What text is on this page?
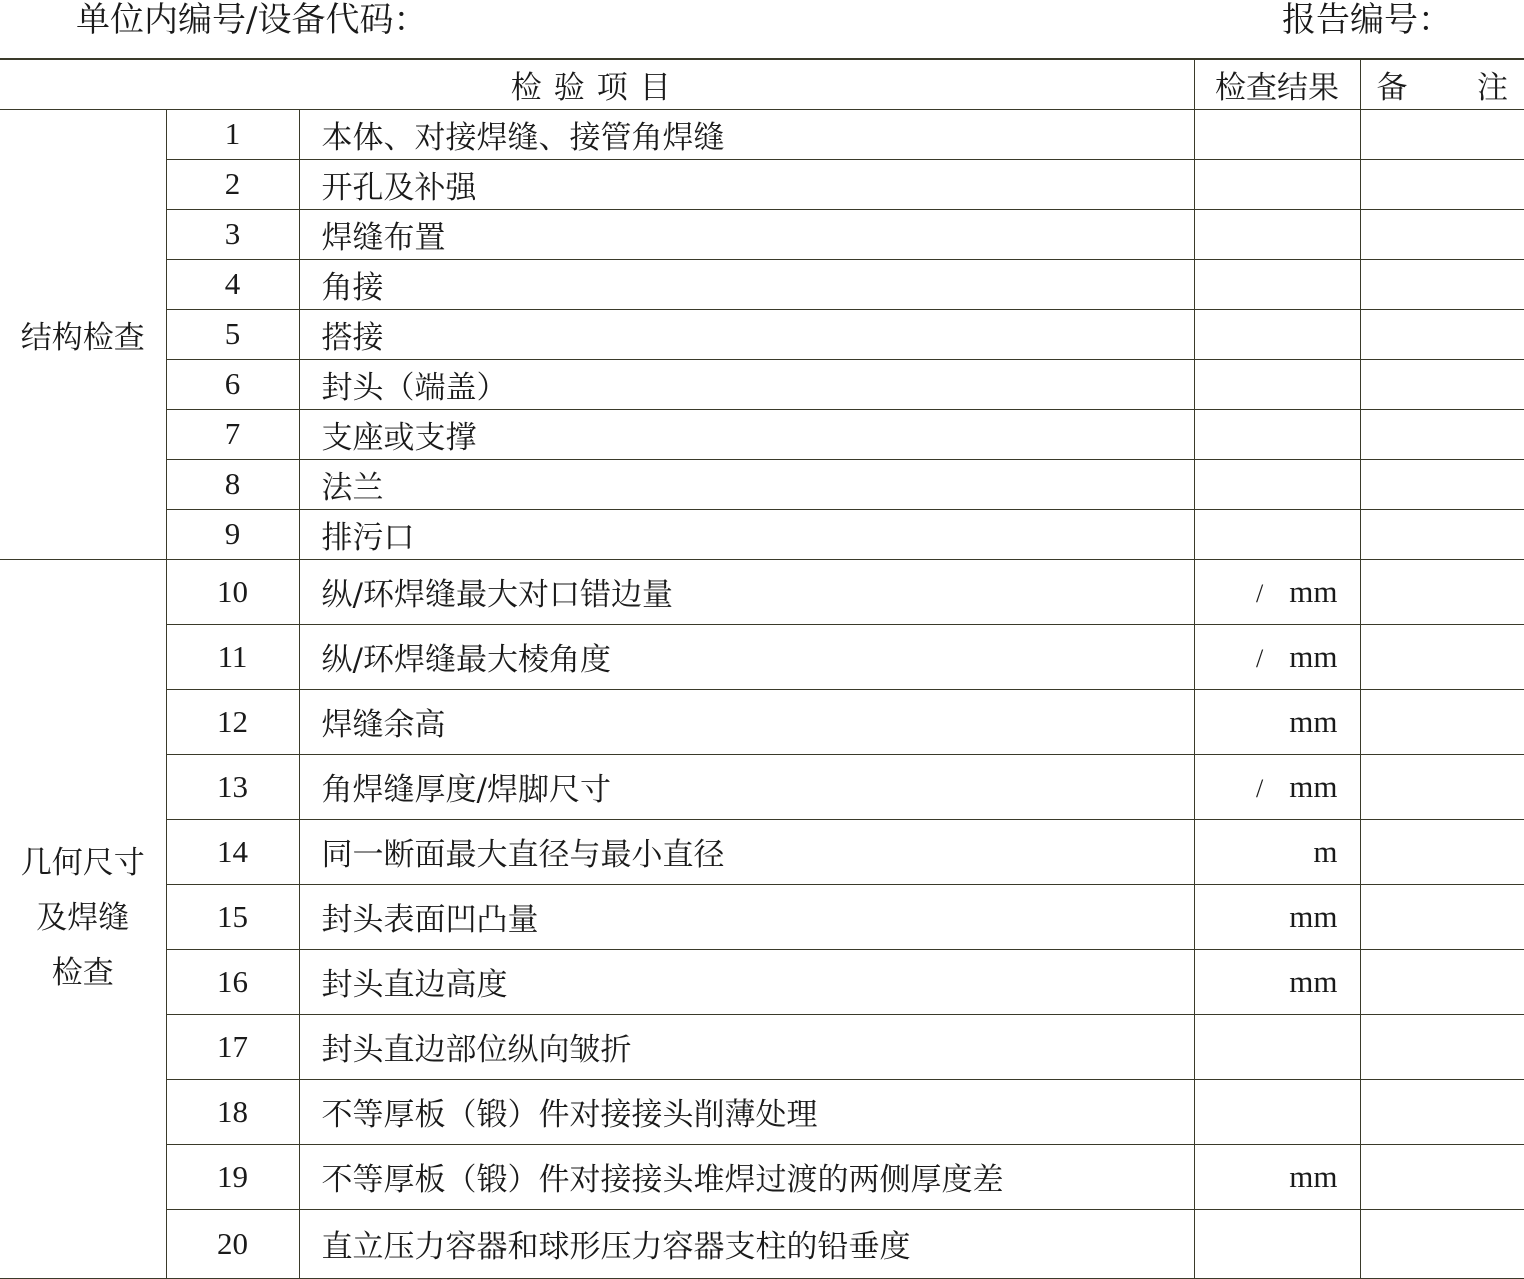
单位内编号/设备代码：	报告编号：
检验项目			检查结果	备 注

结构检查	1	本体、对接焊缝、接管角焊缝		
	2	开孔及补强		
	3	焊缝布置		
	4	角接		
	5	搭接		
	6	封头（端盖）		
	7	支座或支撑		
	8	法兰		
	9	排污口		

几何尺寸
及焊缝
检查	10	纵/环焊缝最大对口错边量	/ mm	
	11	纵/环焊缝最大棱角度	/ mm	
	12	焊缝余高	mm	
	13	角焊缝厚度/焊脚尺寸	/ mm	
	14	同一断面最大直径与最小直径	m	
	15	封头表面凹凸量	mm	
	16	封头直边高度	mm	
	17	封头直边部位纵向皱折		
	18	不等厚板（锻）件对接接头削薄处理		
	19	不等厚板（锻）件对接接头堆焊过渡的两侧厚度差	mm	
	20	直立压力容器和球形压力容器支柱的铅垂度		
